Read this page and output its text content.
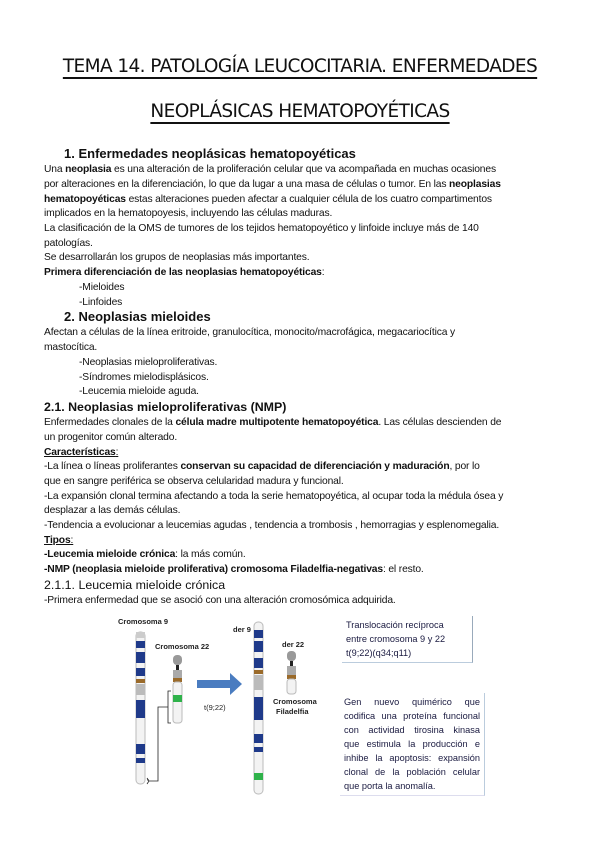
TEMA 14. PATOLOGÍA LEUCOCITARIA. ENFERMEDADES
NEOPLÁSICAS HEMATOPOYÉTICAS
1. Enfermedades neoplásicas hematopoyéticas
Una neoplasia es una alteración de la proliferación celular que va acompañada en muchas ocasiones
por alteraciones en la diferenciación, lo que da lugar a una masa de células o tumor. En las neoplasias
hematopoyéticas estas alteraciones pueden afectar a cualquier célula de los cuatro compartimentos
implicados en la hematopoyesis, incluyendo las células maduras.
La clasificación de la OMS de tumores de los tejidos hematopoyético y linfoide incluye más de 140
patologías.
Se desarrollarán los grupos de neoplasias más importantes.
Primera diferenciación de las neoplasias hematopoyéticas:
-Mieloides
-Linfoides
2. Neoplasias mieloides
Afectan a células de la línea eritroide, granulocítica, monocito/macrofágica, megacariocítica y
mastocítica.
-Neoplasias mieloproliferativas.
-Síndromes mielodisplásicos.
-Leucemia mieloide aguda.
2.1. Neoplasias mieloproliferativas (NMP)
Enfermedades clonales de la célula madre multipotente hematopoyética. Las células descienden de
un progenitor común alterado.
Características:
-La línea o líneas proliferantes conservan su capacidad de diferenciación y maduración, por lo
que en sangre periférica se observa celularidad madura y funcional.
-La expansión clonal termina afectando a toda la serie hematopoyética, al ocupar toda la médula ósea y
desplazar a las demás células.
-Tendencia a evolucionar a leucemias agudas , tendencia a trombosis , hemorragias y esplenomegalia.
Tipos:
-Leucemia mieloide crónica: la más común.
-NMP (neoplasia mieloide proliferativa) cromosoma Filadelfia-negativas: el resto.
2.1.1. Leucemia mieloide crónica
-Primera enfermedad que se asoció con una alteración cromosómica adquirida.
Cromosoma 9
Cromosoma 22
t(9;22)
der 9
der 22
Cromosoma
Filadelfia
Translocación recíproca
entre cromosoma 9 y 22
t(9;22)(q34;q11)
Gen nuevo quimérico que
codifica una proteína funcional
con actividad tirosina kinasa
que estimula la producción e
inhibe la apoptosis: expansión
clonal de la población celular
que porta la anomalía.
